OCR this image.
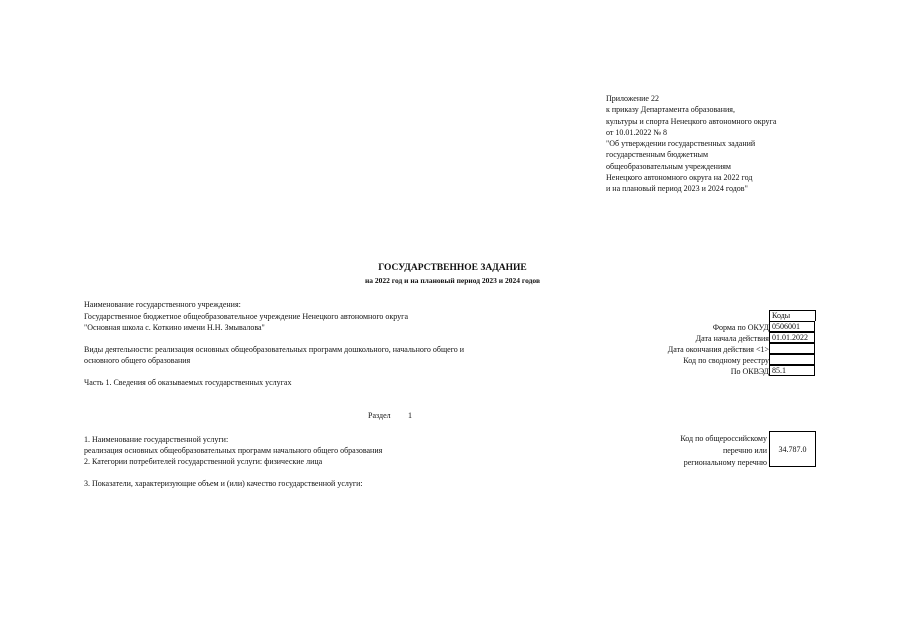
Приложение 22
к приказу Департамента образования,
культуры и спорта Ненецкого автономного округа
от 10.01.2022 № 8
"Об утверждении государственных заданий
государственным бюджетным
общеобразовательным учреждениям
Ненецкого автономного округа на 2022 год
и на плановый период 2023 и 2024 годов"
ГОСУДАРСТВЕННОЕ ЗАДАНИЕ
на 2022 год и на плановый период 2023 и 2024 годов
Наименование государственного учреждения:
Государственное бюджетное общеобразовательное учреждение Ненецкого автономного округа
"Основная школа с. Коткино имени Н.Н. Змывалова"
Виды деятельности: реализация основных общеобразовательных программ дошкольного, начального общего и
основного общего образования
Часть 1. Сведения об оказываемых государственных услугах
Раздел 1
Коды
Форма по ОКУД 0506001
Дата начала действия 01.01.2022
Дата окончания действия <1>
Код по сводному реестру
По ОКВЭД 85.1
1. Наименование государственной услуги:
реализация основных общеобразовательных программ начального общего образования
2. Категории потребителей государственной услуги: физические лица
3. Показатели, характеризующие объем и (или) качество государственной услуги:
Код по общероссийскому
перечню или
региональному перечню
34.787.0
